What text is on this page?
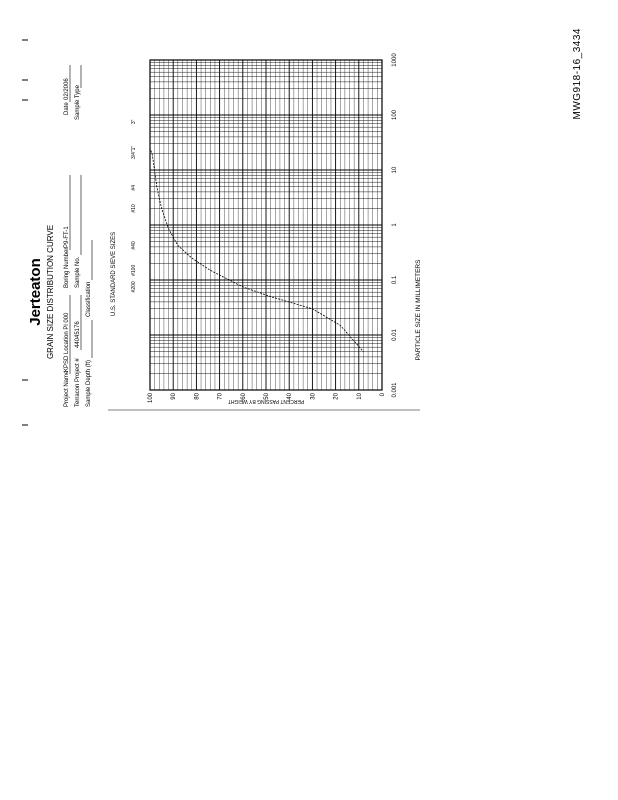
MWG918-16_3434
Jerteaton GRAIN SIZE DISTRIBUTION CURVE
Project Name
KPSD Location Pl 000
Terracon Project #
44045176
Sample Depth (ft)
Classification
Boring Number
P9-FT-1
Sample No.
Date
02/2006 Sample Type
U.S. STANDARD SIEVE SIZES
3"
1"
3/4"
#4
#10
#40
#100
#200
1000
100
10
1
0.1
0.01
0.001
100	90	80	70	60	50	40	30	20	10	0
PARTICLE SIZE IN MILLIMETERS
PERCENT PASSING BY WEIGHT
